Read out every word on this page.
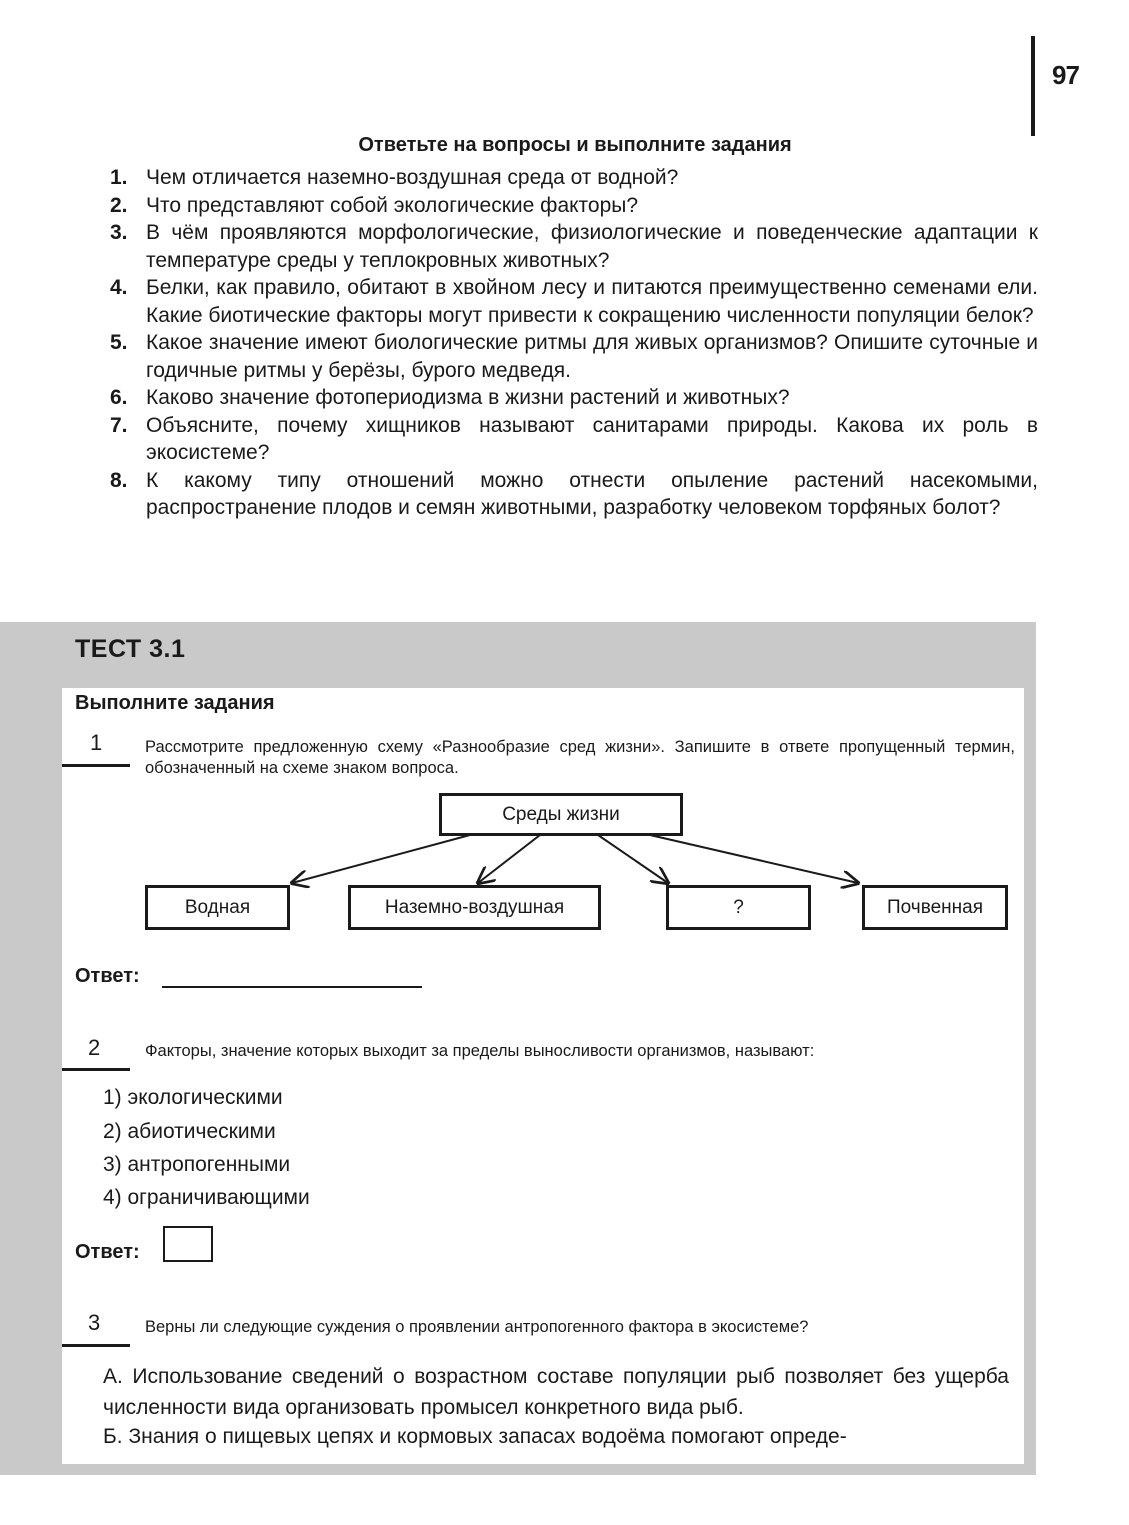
97
Ответьте на вопросы и выполните задания
1. Чем отличается наземно-воздушная среда от водной?
2. Что представляют собой экологические факторы?
3. В чём проявляются морфологические, физиологические и поведенческие адаптации к температуре среды у теплокровных животных?
4. Белки, как правило, обитают в хвойном лесу и питаются преимущественно семенами ели. Какие биотические факторы могут привести к сокращению численности популяции белок?
5. Какое значение имеют биологические ритмы для живых организмов? Опишите суточные и годичные ритмы у берёзы, бурого медведя.
6. Каково значение фотопериодизма в жизни растений и животных?
7. Объясните, почему хищников называют санитарами природы. Какова их роль в экосистеме?
8. К какому типу отношений можно отнести опыление растений насекомыми, распространение плодов и семян животными, разработку человеком торфяных болот?
ТЕСТ 3.1
Выполните задания
1	Рассмотрите предложенную схему «Разнообразие сред жизни». Запишите в ответе пропущенный термин, обозначенный на схеме знаком вопроса.
Среды жизни
Водная	Наземно-воздушная	?	Почвенная
Ответ:
2	Факторы, значение которых выходит за пределы выносливости организмов, называют:
1) экологическими
2) абиотическими
3) антропогенными
4) ограничивающими
Ответ:
3	Верны ли следующие суждения о проявлении антропогенного фактора в экосистеме?
А. Использование сведений о возрастном составе популяции рыб позволяет без ущерба численности вида организовать промысел конкретного вида рыб.
Б. Знания о пищевых цепях и кормовых запасах водоёма помогают опреде-
